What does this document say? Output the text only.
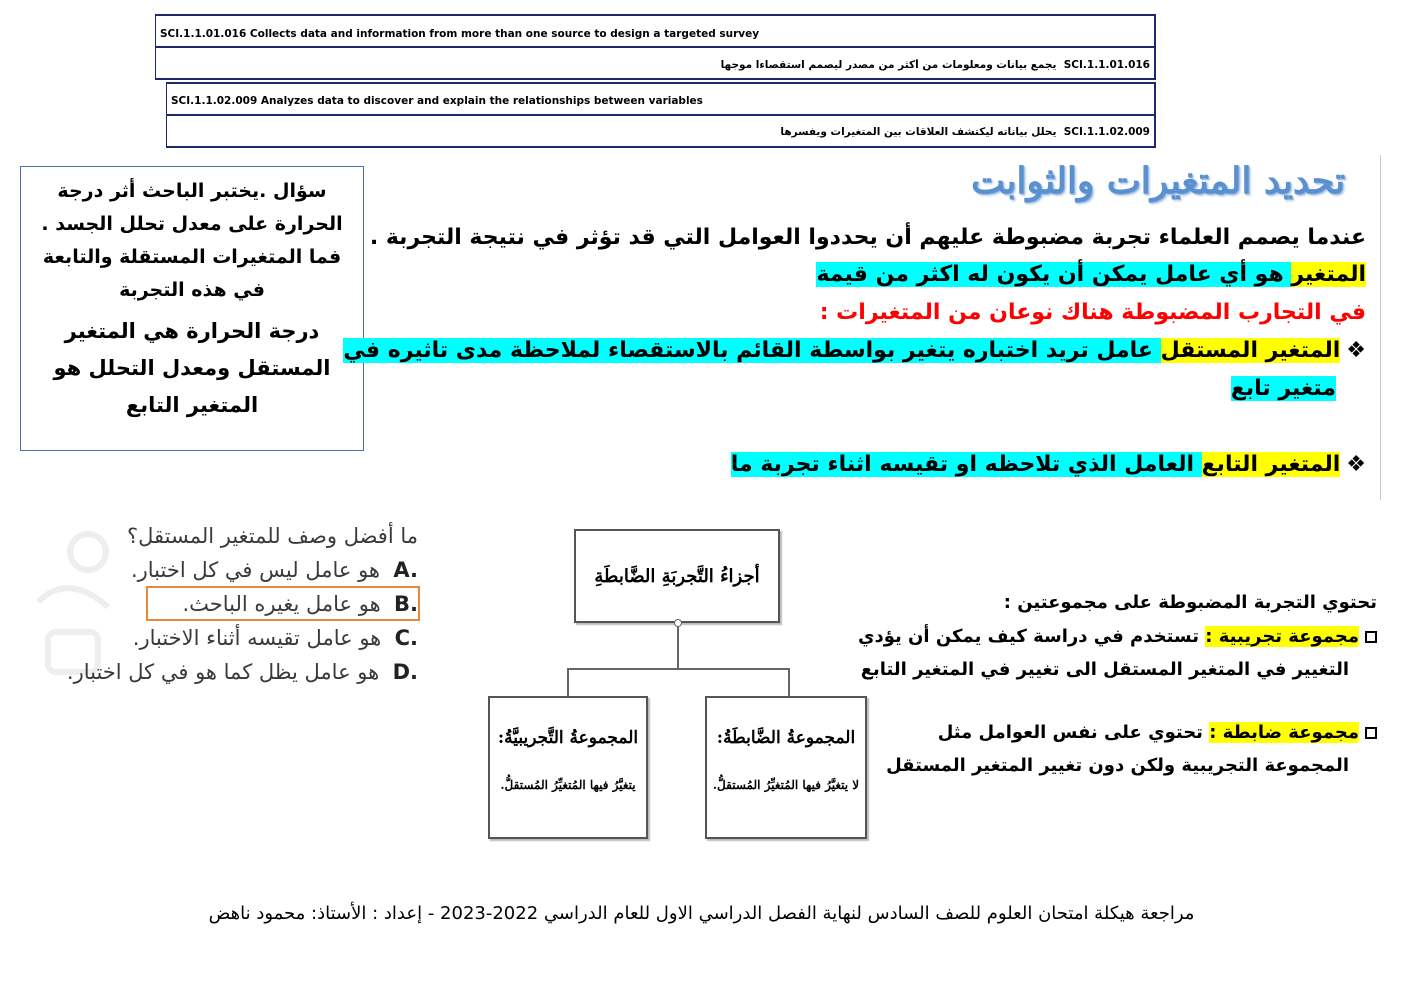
SCI.1.1.01.016 Collects data and information from more than one source to design a targeted survey
SCI.1.1.01.016  يجمع بيانات ومعلومات من أكثر من مصدر ليصمم استقصاءا موجها
SCI.1.1.02.009 Analyzes data to discover and explain the relationships between variables
SCI.1.1.02.009  يحلل بياناته ليكتشف العلاقات بين المتغيرات ويفسرها
سؤال .يختبر الباحث أثر درجة الحرارة على معدل تحلل الجسد . فما المتغيرات المستقلة والتابعة في هذه التجربة
درجة الحرارة هي المتغير المستقل ومعدل التحلل هو المتغير التابع
تحديد المتغيرات والثوابت
عندما يصمم العلماء تجربة مضبوطة عليهم أن يحددوا العوامل التي قد تؤثر في نتيجة التجربة .
المتغير هو أي عامل يمكن أن يكون له اكثر من قيمة
في التجارب المضبوطة هناك نوعان من المتغيرات :
❖المتغير المستقل عامل تريد اختباره يتغير بواسطة القائم بالاستقصاء لملاحظة مدى تاثيره في
متغير تابع
❖المتغير التابع العامل الذي تلاحظه او تقيسه اثناء تجربة ما
ما أفضل وصف للمتغير المستقل؟
A.  هو عامل ليس في كل اختبار.
B.  هو عامل يغيره الباحث.
C.  هو عامل تقيسه أثناء الاختبار.
D.  هو عامل يظل كما هو في كل اختبار.
أجزاءُ التَّجربَةِ الضَّابطَةِ
المجموعةُ التَّجريبيَّةُ:
يتغيَّرُ فيها المُتغيِّرُ المُستقلُّ.
المجموعةُ الضَّابطَةُ:
لا يتغيَّرُ فيها المُتغيِّرُ المُستقلُّ.
تحتوي التجربة المضبوطة على مجموعتين :
مجموعة تجريبية : تستخدم في دراسة كيف يمكن أن يؤدي
التغيير في المتغير المستقل الى تغيير في المتغير التابع
مجموعة ضابطة : تحتوي على نفس العوامل مثل
المجموعة التجريبية ولكن دون تغيير المتغير المستقل
مراجعة هيكلة امتحان العلوم للصف السادس لنهاية الفصل الدراسي الاول للعام الدراسي 2022-2023 - إعداد : الأستاذ: محمود ناهض
